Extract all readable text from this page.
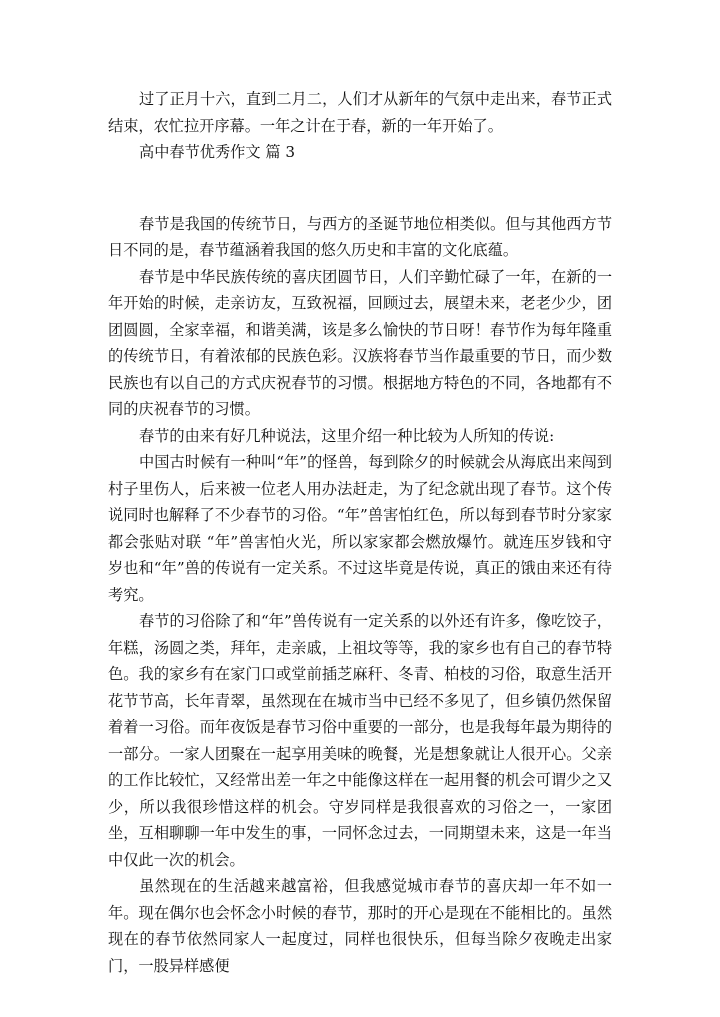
过了正月十六，直到二月二，人们才从新年的气氛中走出来，春节正式结束，农忙拉开序幕。一年之计在于春，新的一年开始了。

高中春节优秀作文 篇 3

春节是我国的传统节日，与西方的圣诞节地位相类似。但与其他西方节日不同的是，春节蕴涵着我国的悠久历史和丰富的文化底蕴。

春节是中华民族传统的喜庆团圆节日，人们辛勤忙碌了一年，在新的一年开始的时候，走亲访友，互致祝福，回顾过去，展望未来，老老少少，团团圆圆，全家幸福，和谐美满，该是多么愉快的节日呀！春节作为每年隆重的传统节日，有着浓郁的民族色彩。汉族将春节当作最重要的节日，而少数民族也有以自己的方式庆祝春节的习惯。根据地方特色的不同，各地都有不同的庆祝春节的习惯。

春节的由来有好几种说法，这里介绍一种比较为人所知的传说:

中国古时候有一种叫“年”的怪兽，每到除夕的时候就会从海底出来闯到村子里伤人，后来被一位老人用办法赶走，为了纪念就出现了春节。这个传说同时也解释了不少春节的习俗。“年”兽害怕红色，所以每到春节时分家家都会张贴对联 “年”兽害怕火光，所以家家都会燃放爆竹。就连压岁钱和守岁也和“年”兽的传说有一定关系。不过这毕竟是传说，真正的饿由来还有待考究。

春节的习俗除了和“年”兽传说有一定关系的以外还有许多，像吃饺子，年糕，汤圆之类，拜年，走亲戚，上祖坟等等，我的家乡也有自己的春节特色。我的家乡有在家门口或堂前插芝麻秆、冬青、柏枝的习俗，取意生活开花节节高，长年青翠，虽然现在在城市当中已经不多见了，但乡镇仍然保留着着一习俗。而年夜饭是春节习俗中重要的一部分，也是我每年最为期待的一部分。一家人团聚在一起享用美味的晚餐，光是想象就让人很开心。父亲的工作比较忙，又经常出差一年之中能像这样在一起用餐的机会可谓少之又少，所以我很珍惜这样的机会。守岁同样是我很喜欢的习俗之一，一家团坐，互相聊聊一年中发生的事，一同怀念过去，一同期望未来，这是一年当中仅此一次的机会。

虽然现在的生活越来越富裕，但我感觉城市春节的喜庆却一年不如一年。现在偶尔也会怀念小时候的春节，那时的开心是现在不能相比的。虽然现在的春节依然同家人一起度过，同样也很快乐，但每当除夕夜晚走出家门，一股异样感便
